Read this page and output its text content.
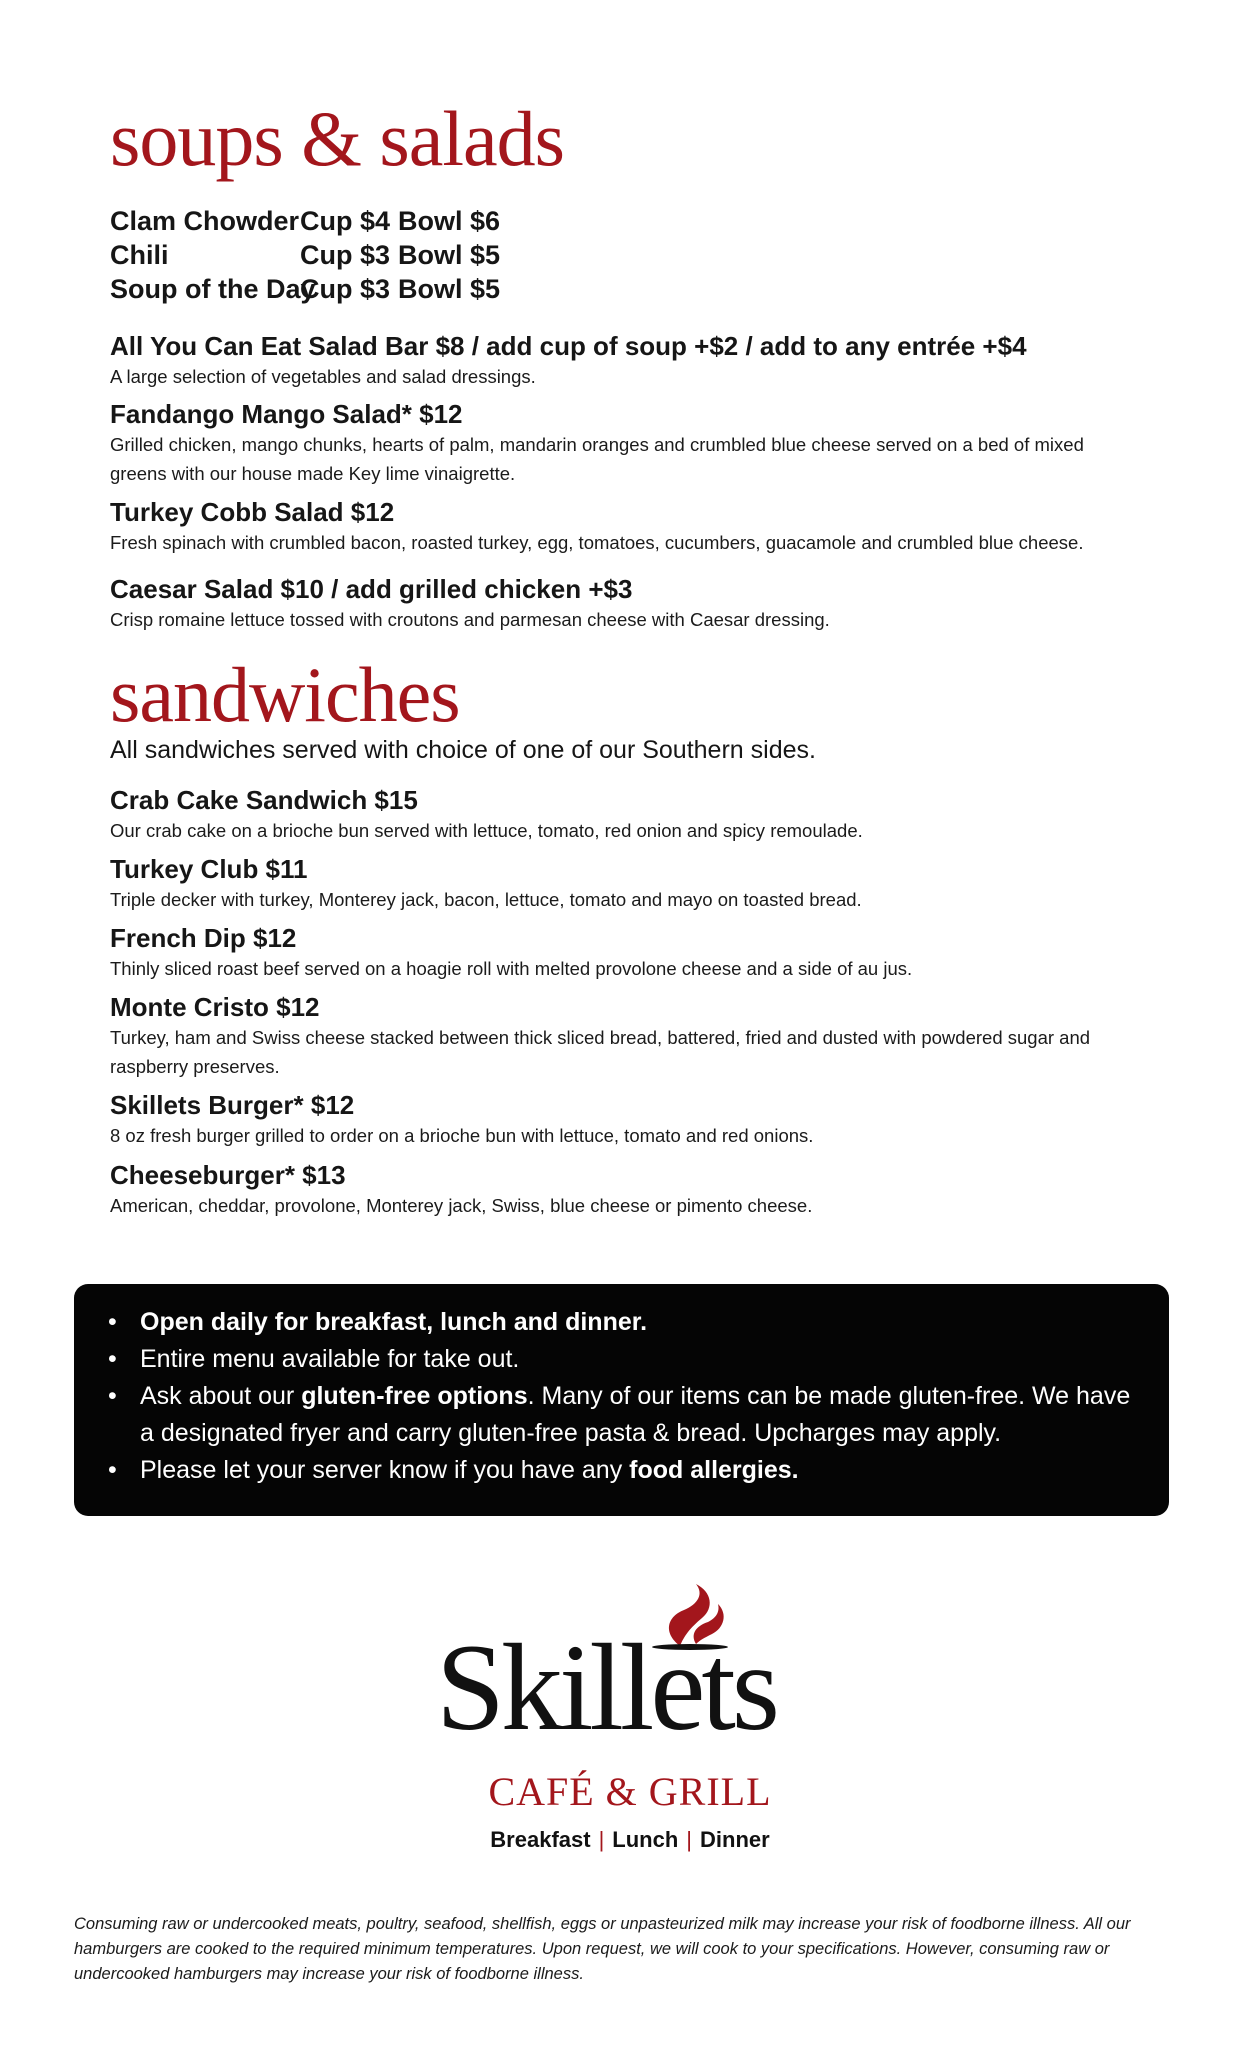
soups & salads
Clam Chowder Cup $4 Bowl $6
Chili	Cup $3 Bowl $5
Soup of the Day
Cup $3 Bowl $5

All You Can Eat Salad Bar $8 / add cup of soup +$2 / add to any entrée +$4

A large selection of vegetables and salad dressings.

Fandango Mango Salad* $12

Grilled chicken, mango chunks, hearts of palm, mandarin oranges and crumbled blue cheese served on a bed of mixed greens with our house made Key lime vinaigrette.

Turkey Cobb Salad $12

Fresh spinach with crumbled bacon, roasted turkey, egg, tomatoes, cucumbers, guacamole and crumbled blue cheese.

Caesar Salad $10 / add grilled chicken +$3

Crisp romaine lettuce tossed with croutons and parmesan cheese with Caesar dressing.

sandwiches
All sandwiches served with choice of one of our Southern sides.

Crab Cake Sandwich $15

Our crab cake on a brioche bun served with lettuce, tomato, red onion and spicy remoulade.

Turkey Club $11

Triple decker with turkey, Monterey jack, bacon, lettuce, tomato and mayo on toasted bread.

French Dip $12

Thinly sliced roast beef served on a hoagie roll with melted provolone cheese and a side of au jus.

Monte Cristo $12

Turkey, ham and Swiss cheese stacked between thick sliced bread, battered, fried and dusted with powdered sugar and raspberry preserves.

Skillets Burger* $12

8 oz fresh burger grilled to order on a brioche bun with lettuce, tomato and red onions.

Cheeseburger* $13

American, cheddar, provolone, Monterey jack, Swiss, blue cheese or pimento cheese.

• Open daily for breakfast, lunch and dinner.
• Entire menu available for take out.
• Ask about our gluten-free options. Many of our items can be made gluten-free. We have a designated fryer and carry gluten-free pasta & bread. Upcharges may apply.
• Please let your server know if you have any food allergies.
Skillets
CAFÉ & GRILL
Breakfast | Lunch | Dinner

Consuming raw or undercooked meats, poultry, seafood, shellfish, eggs or unpasteurized milk may increase your risk of foodborne illness. All our hamburgers are cooked to the required minimum temperatures. Upon request, we will cook to your specifications. However, consuming raw or undercooked hamburgers may increase your risk of foodborne illness.
